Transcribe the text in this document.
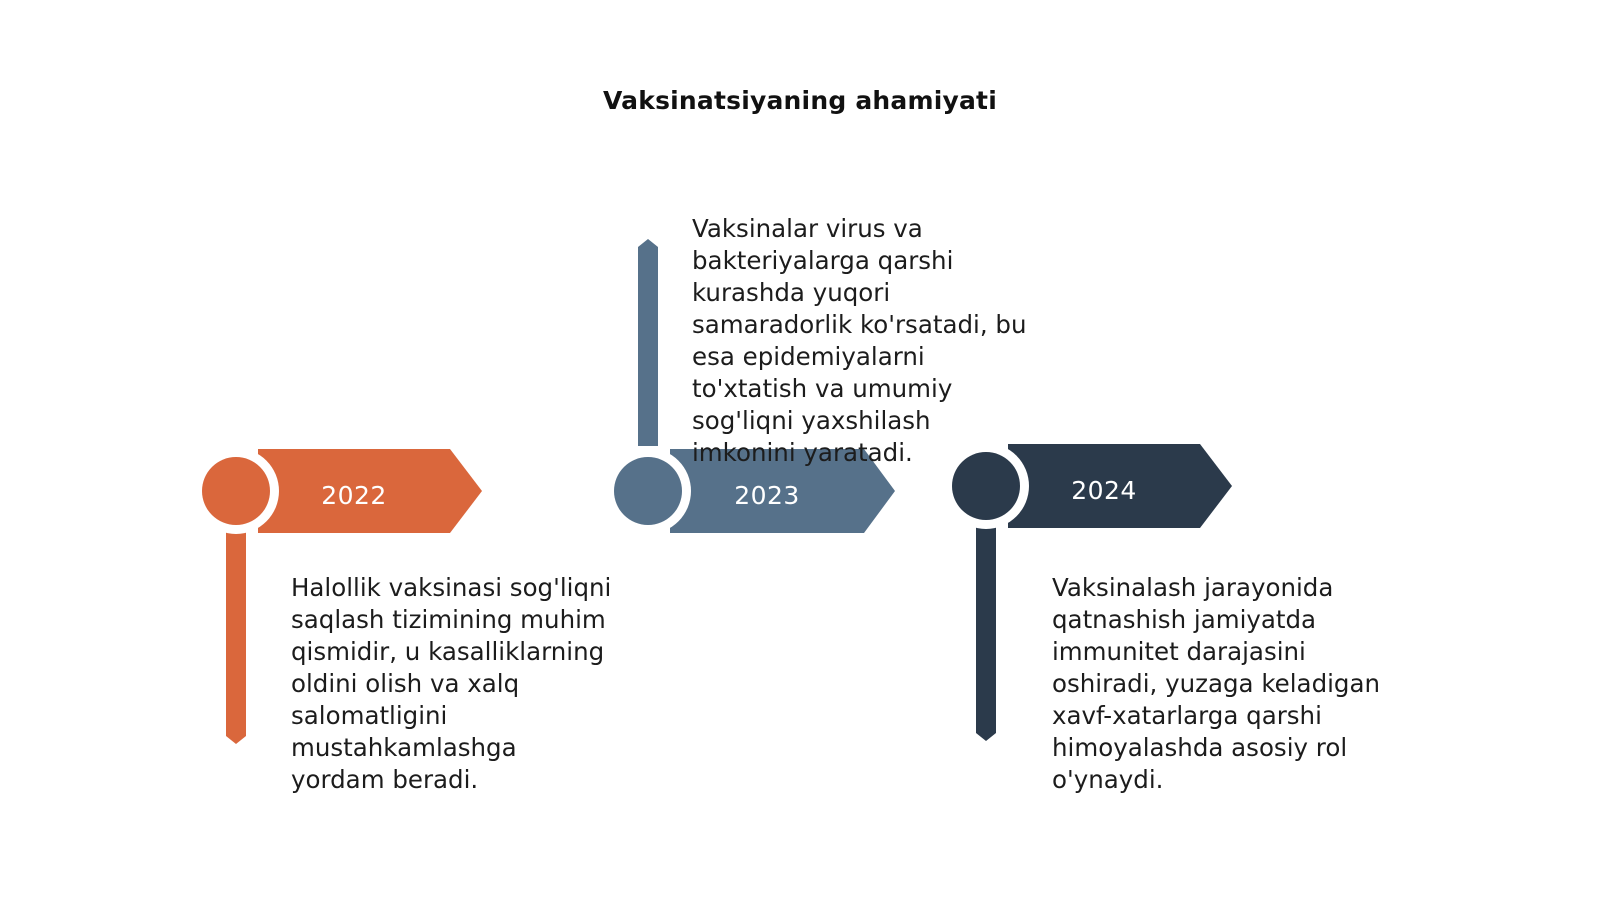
Vaksinatsiyaning ahamiyati
2022	2023	2024
Halollik vaksinasi sog'liqni
saqlash tizimining muhim
qismidir, u kasalliklarning
oldini olish va xalq
salomatligini
mustahkamlashga
yordam beradi.
Vaksinalar virus va
bakteriyalarga qarshi
kurashda yuqori
samaradorlik ko'rsatadi, bu
esa epidemiyalarni
to'xtatish va umumiy
sog'liqni yaxshilash
imkonini yaratadi.
Vaksinalash jarayonida
qatnashish jamiyatda
immunitet darajasini
oshiradi, yuzaga keladigan
xavf-xatarlarga qarshi
himoyalashda asosiy rol
o'ynaydi.
